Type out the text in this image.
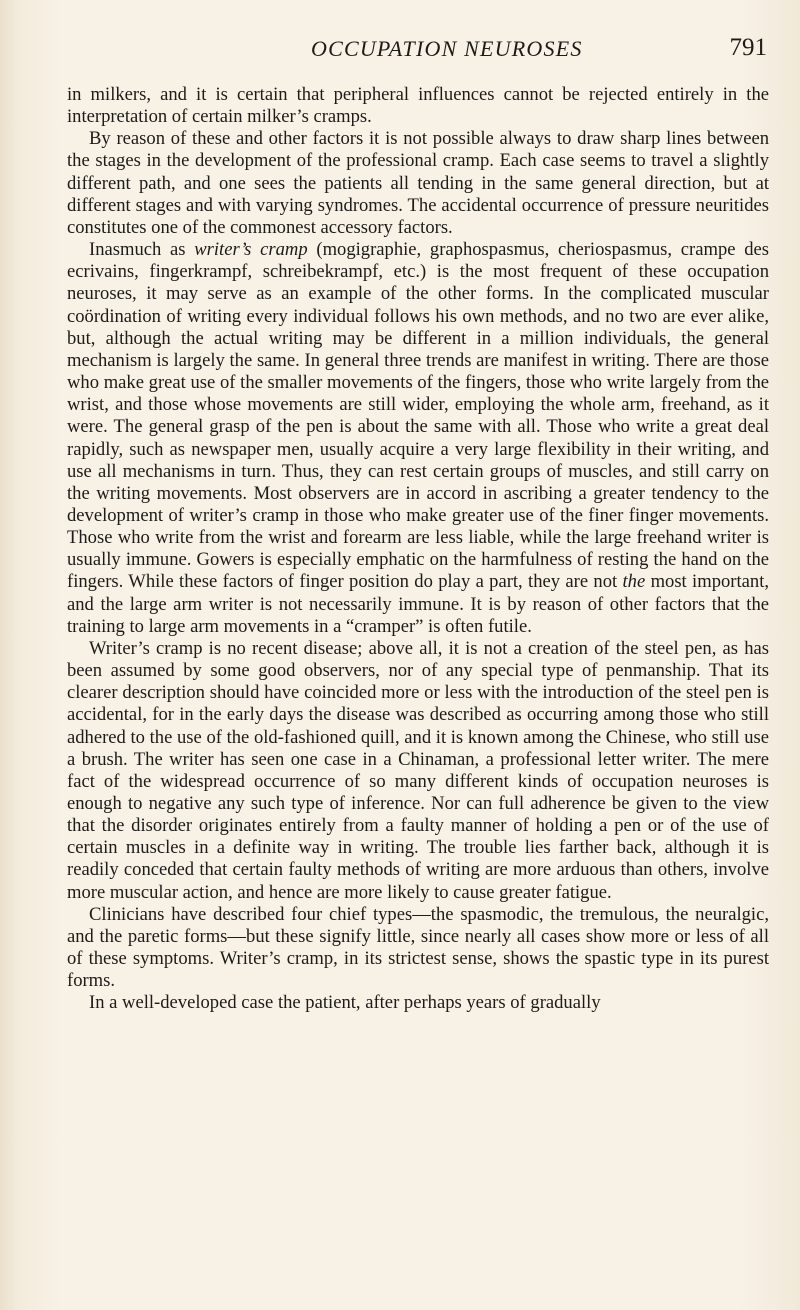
OCCUPATION NEUROSES	791

in milkers, and it is certain that peripheral influences cannot be rejected entirely in the interpretation of certain milker’s cramps.

By reason of these and other factors it is not possible always to draw sharp lines between the stages in the development of the professional cramp. Each case seems to travel a slightly different path, and one sees the patients all tending in the same general direction, but at different stages and with varying syndromes. The accidental occurrence of pressure neuritides constitutes one of the commonest accessory factors.

Inasmuch as writer’s cramp (mogigraphie, graphospasmus, cheriospasmus, crampe des ecrivains, fingerkrampf, schreibekrampf, etc.) is the most frequent of these occupation neuroses, it may serve as an example of the other forms. In the complicated muscular coördination of writing every individual follows his own methods, and no two are ever alike, but, although the actual writing may be different in a million individuals, the general mechanism is largely the same. In general three trends are manifest in writing. There are those who make great use of the smaller movements of the fingers, those who write largely from the wrist, and those whose movements are still wider, employing the whole arm, freehand, as it were. The general grasp of the pen is about the same with all. Those who write a great deal rapidly, such as newspaper men, usually acquire a very large flexibility in their writing, and use all mechanisms in turn. Thus, they can rest certain groups of muscles, and still carry on the writing movements. Most observers are in accord in ascribing a greater tendency to the development of writer’s cramp in those who make greater use of the finer finger movements. Those who write from the wrist and forearm are less liable, while the large freehand writer is usually immune. Gowers is especially emphatic on the harmfulness of resting the hand on the fingers. While these factors of finger position do play a part, they are not the most important, and the large arm writer is not necessarily immune. It is by reason of other factors that the training to large arm movements in a “cramper” is often futile.

Writer’s cramp is no recent disease; above all, it is not a creation of the steel pen, as has been assumed by some good observers, nor of any special type of penmanship. That its clearer description should have coincided more or less with the introduction of the steel pen is accidental, for in the early days the disease was described as occurring among those who still adhered to the use of the old-fashioned quill, and it is known among the Chinese, who still use a brush. The writer has seen one case in a Chinaman, a professional letter writer. The mere fact of the widespread occurrence of so many different kinds of occupation neuroses is enough to negative any such type of inference. Nor can full adherence be given to the view that the disorder originates entirely from a faulty manner of holding a pen or of the use of certain muscles in a definite way in writing. The trouble lies farther back, although it is readily conceded that certain faulty methods of writing are more arduous than others, involve more muscular action, and hence are more likely to cause greater fatigue.

Clinicians have described four chief types—the spasmodic, the tremulous, the neuralgic, and the paretic forms—but these signify little, since nearly all cases show more or less of all of these symptoms. Writer’s cramp, in its strictest sense, shows the spastic type in its purest forms.

In a well-developed case the patient, after perhaps years of gradually
